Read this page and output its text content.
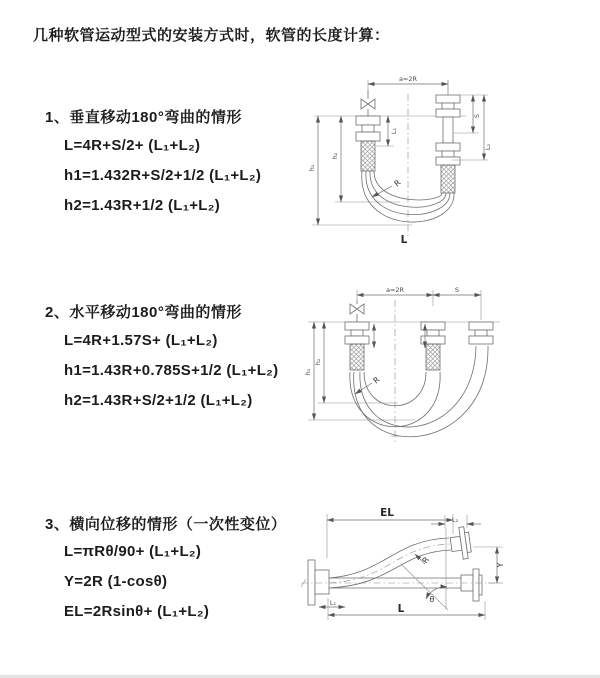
几种软管运动型式的安装方式时，软管的长度计算：
1、垂直移动180°弯曲的情形
L=4R+S/2+ (L₁+L₂)
h1=1.432R+S/2+1/2 (L₁+L₂)
h2=1.43R+1/2 (L₁+L₂)
2、水平移动180°弯曲的情形
L=4R+1.57S+ (L₁+L₂)
h1=1.43R+0.785S+1/2 (L₁+L₂)
h2=1.43R+S/2+1/2 (L₁+L₂)
3、横向位移的情形（一次性变位）
L=πRθ/90+ (L₁+L₂)
Y=2R (1-cosθ)
EL=2Rsinθ+ (L₁+L₂)
a=2R
L₁
S
L₂
h₁
h₂
R
L
a=2R	S
h₁
h₂
R
EL
L₂
Y
R
θ
L
L₁
